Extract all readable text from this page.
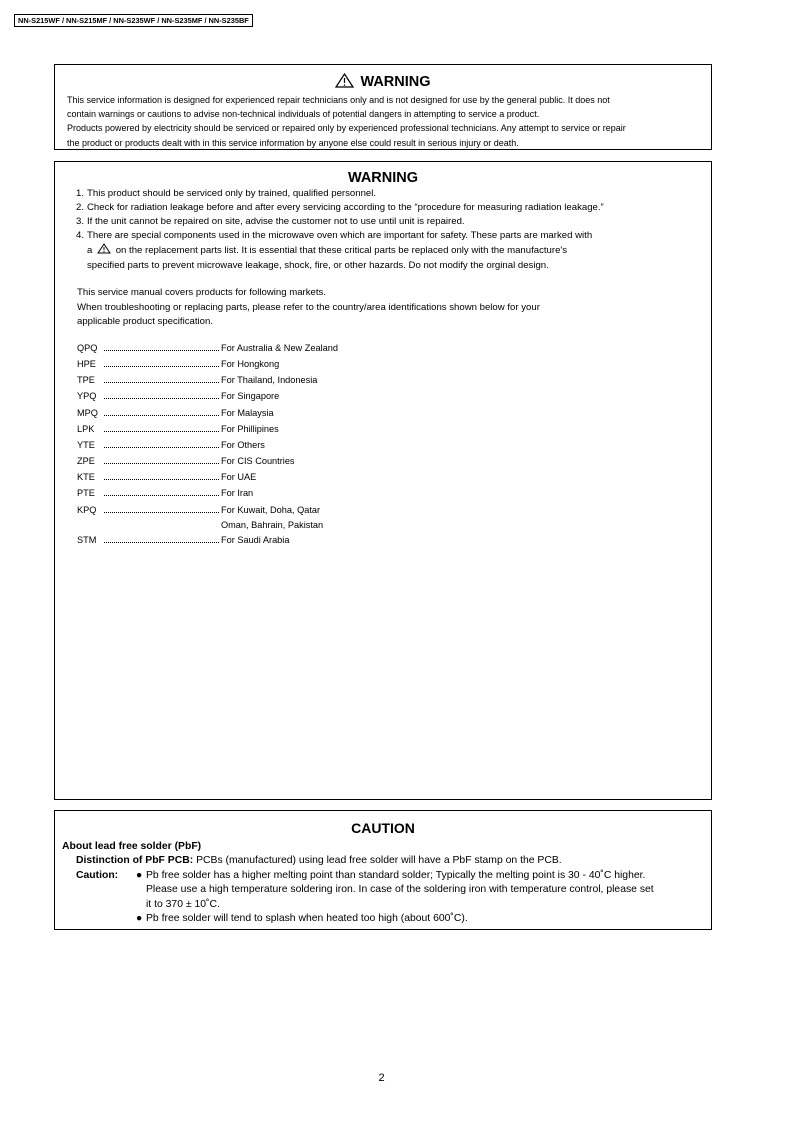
NN-S215WF / NN-S215MF / NN-S235WF / NN-S235MF / NN-S235BF
WARNING
This service information is designed for experienced repair technicians only and is not designed for use by the general public. It does not
contain warnings or cautions to advise non-technical individuals of potential dangers in attempting to service a product.
Products powered by electricity should be serviced or repaired only by experienced professional technicians. Any attempt to service or repair
the product or products dealt with in this service information by anyone else could result in serious injury or death.
WARNING
1. This product should be serviced only by trained, qualified personnel.
2. Check for radiation leakage before and after every servicing according to the “procedure for measuring radiation leakage.”
3. If the unit cannot be repaired on site, advise the customer not to use until unit is repaired.
4. There are special components used in the microwave oven which are important for safety. These parts are marked with
a on the replacement parts list. It is essential that these critical parts be replaced only with the manufacture's
specified parts to prevent microwave leakage, shock, fire, or other hazards. Do not modify the orginal design.
This service manual covers products for following markets.
When troubleshooting or replacing parts, please refer to the country/area identifications shown below for your
applicable product specification.
QPQ	For Australia & New Zealand
HPE	For Hongkong
TPE	For Thailand, Indonesia
YPQ	For Singapore
MPQ	For Malaysia
LPK	For Phillipines
YTE	For Others
ZPE	For CIS Countries
KTE	For UAE
PTE	For Iran
KPQ	For Kuwait, Doha, Qatar
Oman, Bahrain, Pakistan
STM	For Saudi Arabia
CAUTION
About lead free solder (PbF)
Distinction of PbF PCB: PCBs (manufactured) using lead free solder will have a PbF stamp on the PCB.
Caution: ● Pb free solder has a higher melting point than standard solder; Typically the melting point is 30 - 40˚C higher.
Please use a high temperature soldering iron. In case of the soldering iron with temperature control, please set
it to 370 ± 10˚C.
● Pb free solder will tend to splash when heated too high (about 600˚C).
2
